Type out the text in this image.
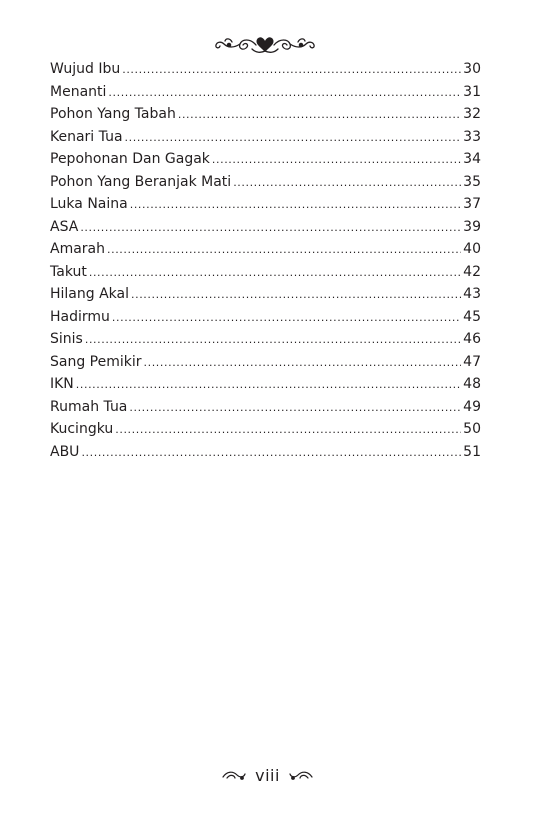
Wujud Ibu .....	30
Menanti .....	31
Pohon Yang Tabah .....	32
Kenari Tua .....	33
Pepohonan Dan Gagak .....	34
Pohon Yang Beranjak Mati .....	35
Luka Naina .....	37
ASA .....	39
Amarah .....	40
Takut .....	42
Hilang Akal .....	43
Hadirmu .....	45
Sinis .....	46
Sang Pemikir .....	47
IKN .....	48
Rumah Tua .....	49
Kucingku .....	50
ABU .....	51
viii
